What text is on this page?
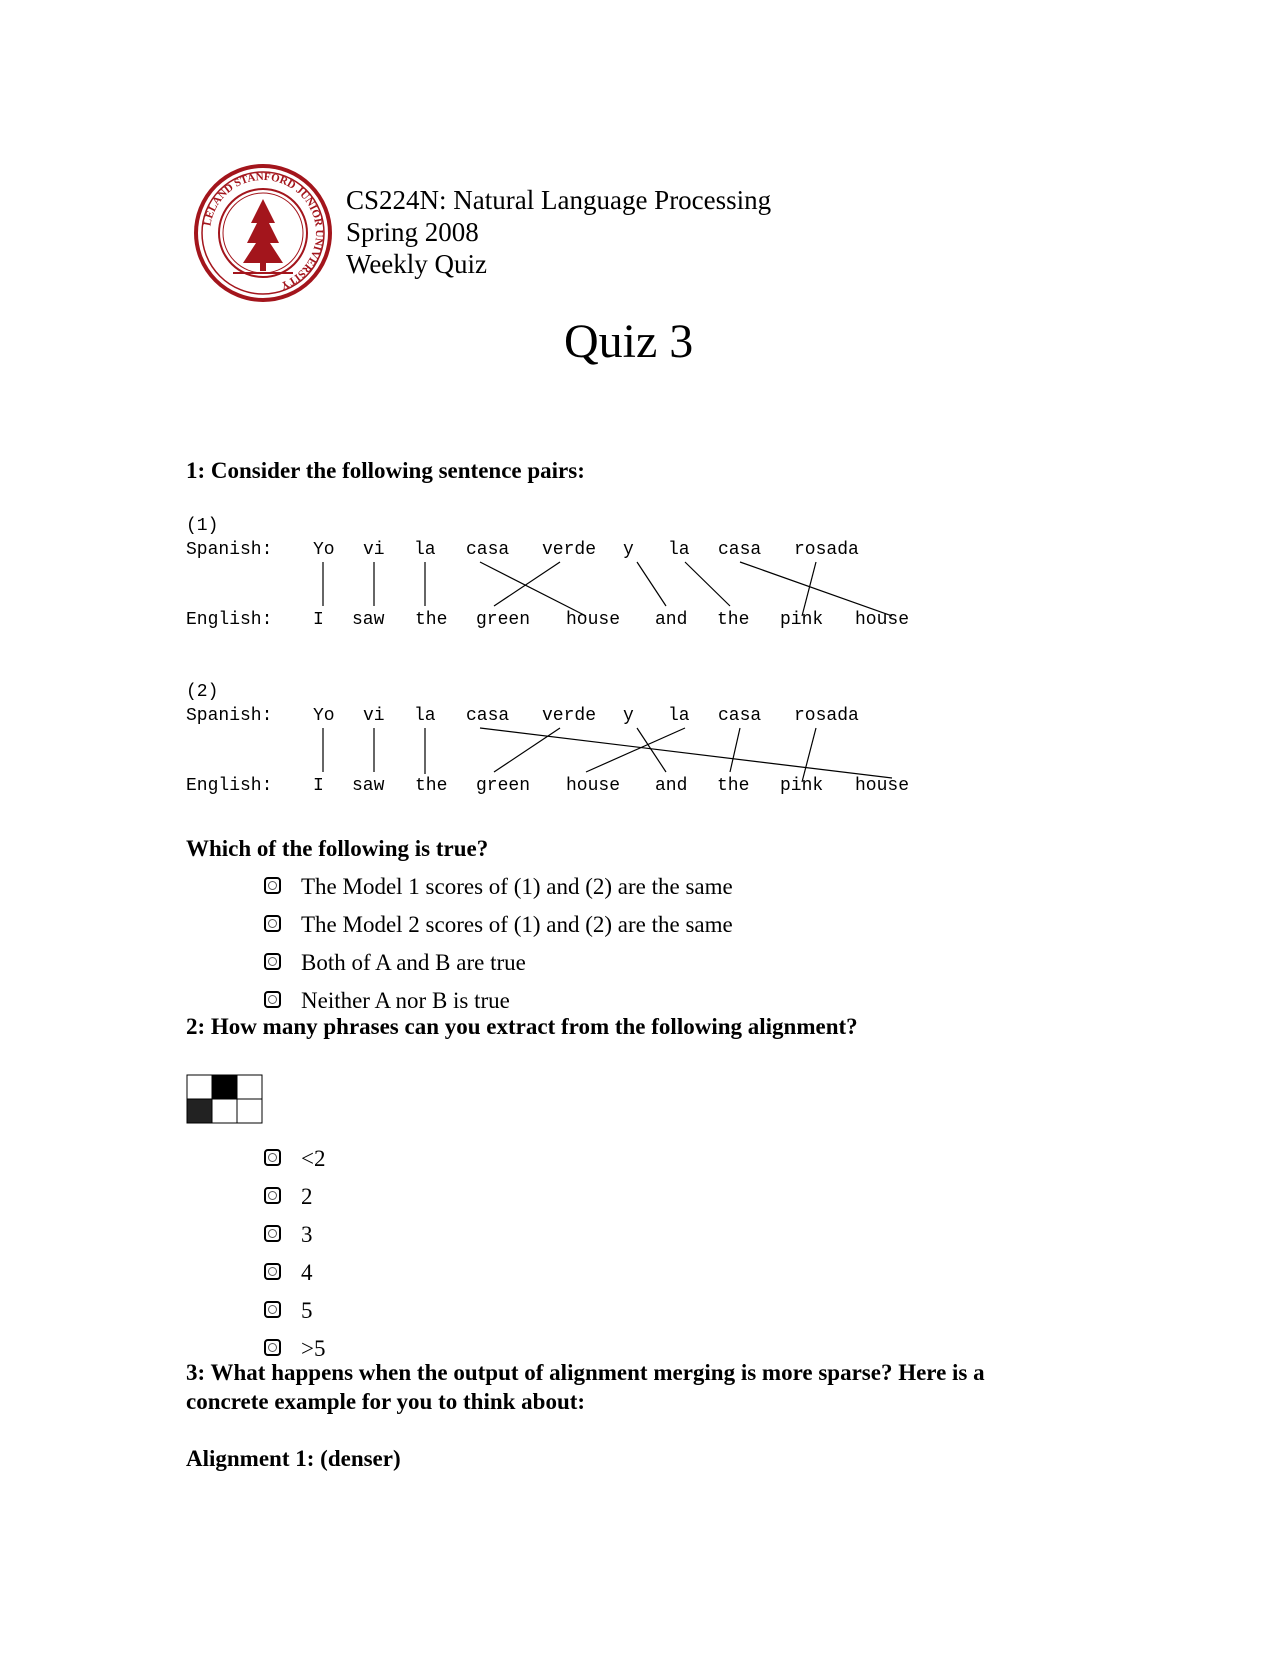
LELAND STANFORD JUNIOR UNIVERSITY
CS224N: Natural Language Processing
Spring 2008
Weekly Quiz
Quiz 3
1: Consider the following sentence pairs:
(1)
Spanish:
English:
Yo vi la casa verde y la casa rosada
I saw the green house and the pink house
(2)
Spanish:
English:
Yo vi la casa verde y la casa rosada
I saw the green house and the pink house
Which of the following is true?
The Model 1 scores of (1) and (2) are the same
The Model 2 scores of (1) and (2) are the same
Both of A and B are true
Neither A nor B is true
2: How many phrases can you extract from the following alignment?
<2
2
3
4
5
>5
3: What happens when the output of alignment merging is more sparse? Here is a concrete example for you to think about:
Alignment 1: (denser)
